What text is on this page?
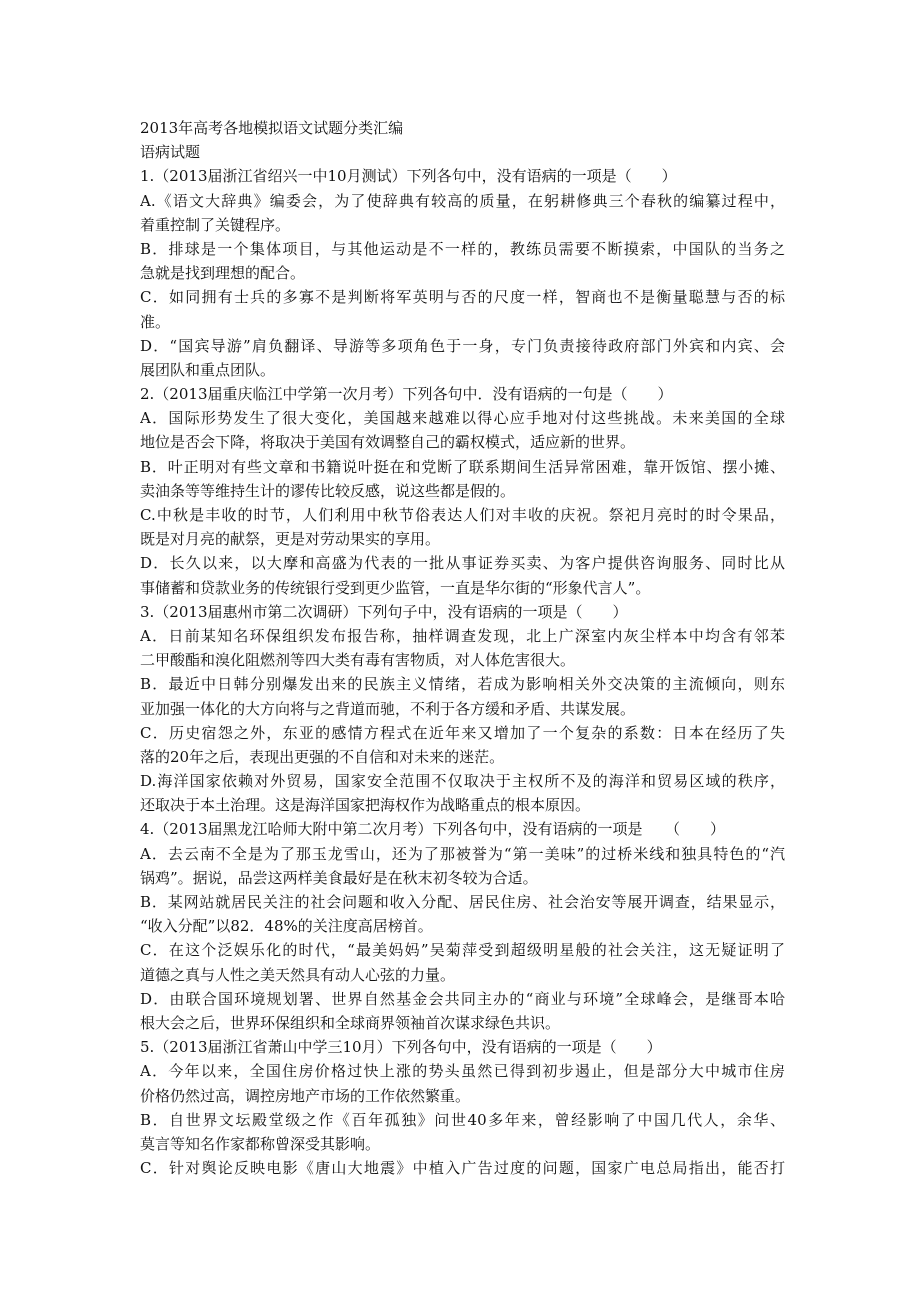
2013年高考各地模拟语文试题分类汇编
语病试题
1.（2013届浙江省绍兴一中10月测试）下列各句中，没有语病的一项是（　　）
A.《语文大辞典》编委会，为了使辞典有较高的质量，在躬耕修典三个春秋的编纂过程中，
着重控制了关键程序。
B．排球是一个集体项目，与其他运动是不一样的，教练员需要不断摸索，中国队的当务之
急就是找到理想的配合。
C．如同拥有士兵的多寡不是判断将军英明与否的尺度一样，智商也不是衡量聪慧与否的标
准。
D．“国宾导游”肩负翻译、导游等多项角色于一身，专门负责接待政府部门外宾和内宾、会
展团队和重点团队。
2.（2013届重庆临江中学第一次月考）下列各句中．没有语病的一句是（　　）
A．国际形势发生了很大变化，美国越来越难以得心应手地对付这些挑战。未来美国的全球
地位是否会下降，将取决于美国有效调整自己的霸权模式，适应新的世界。
B．叶正明对有些文章和书籍说叶挺在和党断了联系期间生活异常困难，靠开饭馆、摆小摊、
卖油条等等维持生计的谬传比较反感，说这些都是假的。
C.中秋是丰收的时节，人们利用中秋节俗表达人们对丰收的庆祝。祭祀月亮时的时令果品，
既是对月亮的献祭，更是对劳动果实的享用。
D．长久以来，以大摩和高盛为代表的一批从事证券买卖、为客户提供咨询服务、同时比从
事储蓄和贷款业务的传统银行受到更少监管，一直是华尔街的“形象代言人”。
3.（2013届惠州市第二次调研）下列句子中，没有语病的一项是（　　）
A．日前某知名环保组织发布报告称，抽样调查发现，北上广深室内灰尘样本中均含有邻苯
二甲酸酯和溴化阻燃剂等四大类有毒有害物质，对人体危害很大。
B．最近中日韩分别爆发出来的民族主义情绪，若成为影响相关外交决策的主流倾向，则东
亚加强一体化的大方向将与之背道而驰，不利于各方缓和矛盾、共谋发展。
C．历史宿怨之外，东亚的感情方程式在近年来又增加了一个复杂的系数：日本在经历了失
落的20年之后，表现出更强的不自信和对未来的迷茫。
D.海洋国家依赖对外贸易，国家安全范围不仅取决于主权所不及的海洋和贸易区域的秩序，
还取决于本土治理。这是海洋国家把海权作为战略重点的根本原因。
4.（2013届黑龙江哈师大附中第二次月考）下列各句中，没有语病的一项是　　（　　）
A．去云南不全是为了那玉龙雪山，还为了那被誉为“第一美味”的过桥米线和独具特色的“汽
锅鸡”。据说，品尝这两样美食最好是在秋末初冬较为合适。
B．某网站就居民关注的社会问题和收入分配、居民住房、社会治安等展开调查，结果显示，
“收入分配”以82．48%的关注度高居榜首。
C．在这个泛娱乐化的时代，“最美妈妈”吴菊萍受到超级明星般的社会关注，这无疑证明了
道德之真与人性之美天然具有动人心弦的力量。
D．由联合国环境规划署、世界自然基金会共同主办的“商业与环境”全球峰会，是继哥本哈
根大会之后，世界环保组织和全球商界领袖首次谋求绿色共识。
5.（2013届浙江省萧山中学三10月）下列各句中，没有语病的一项是（　　）
A．今年以来，全国住房价格过快上涨的势头虽然已得到初步遏止，但是部分大中城市住房
价格仍然过高，调控房地产市场的工作依然繁重。
B．自世界文坛殿堂级之作《百年孤独》问世40多年来，曾经影响了中国几代人，余华、
莫言等知名作家都称曾深受其影响。
C．针对舆论反映电影《唐山大地震》中植入广告过度的问题，国家广电总局指出，能否打
